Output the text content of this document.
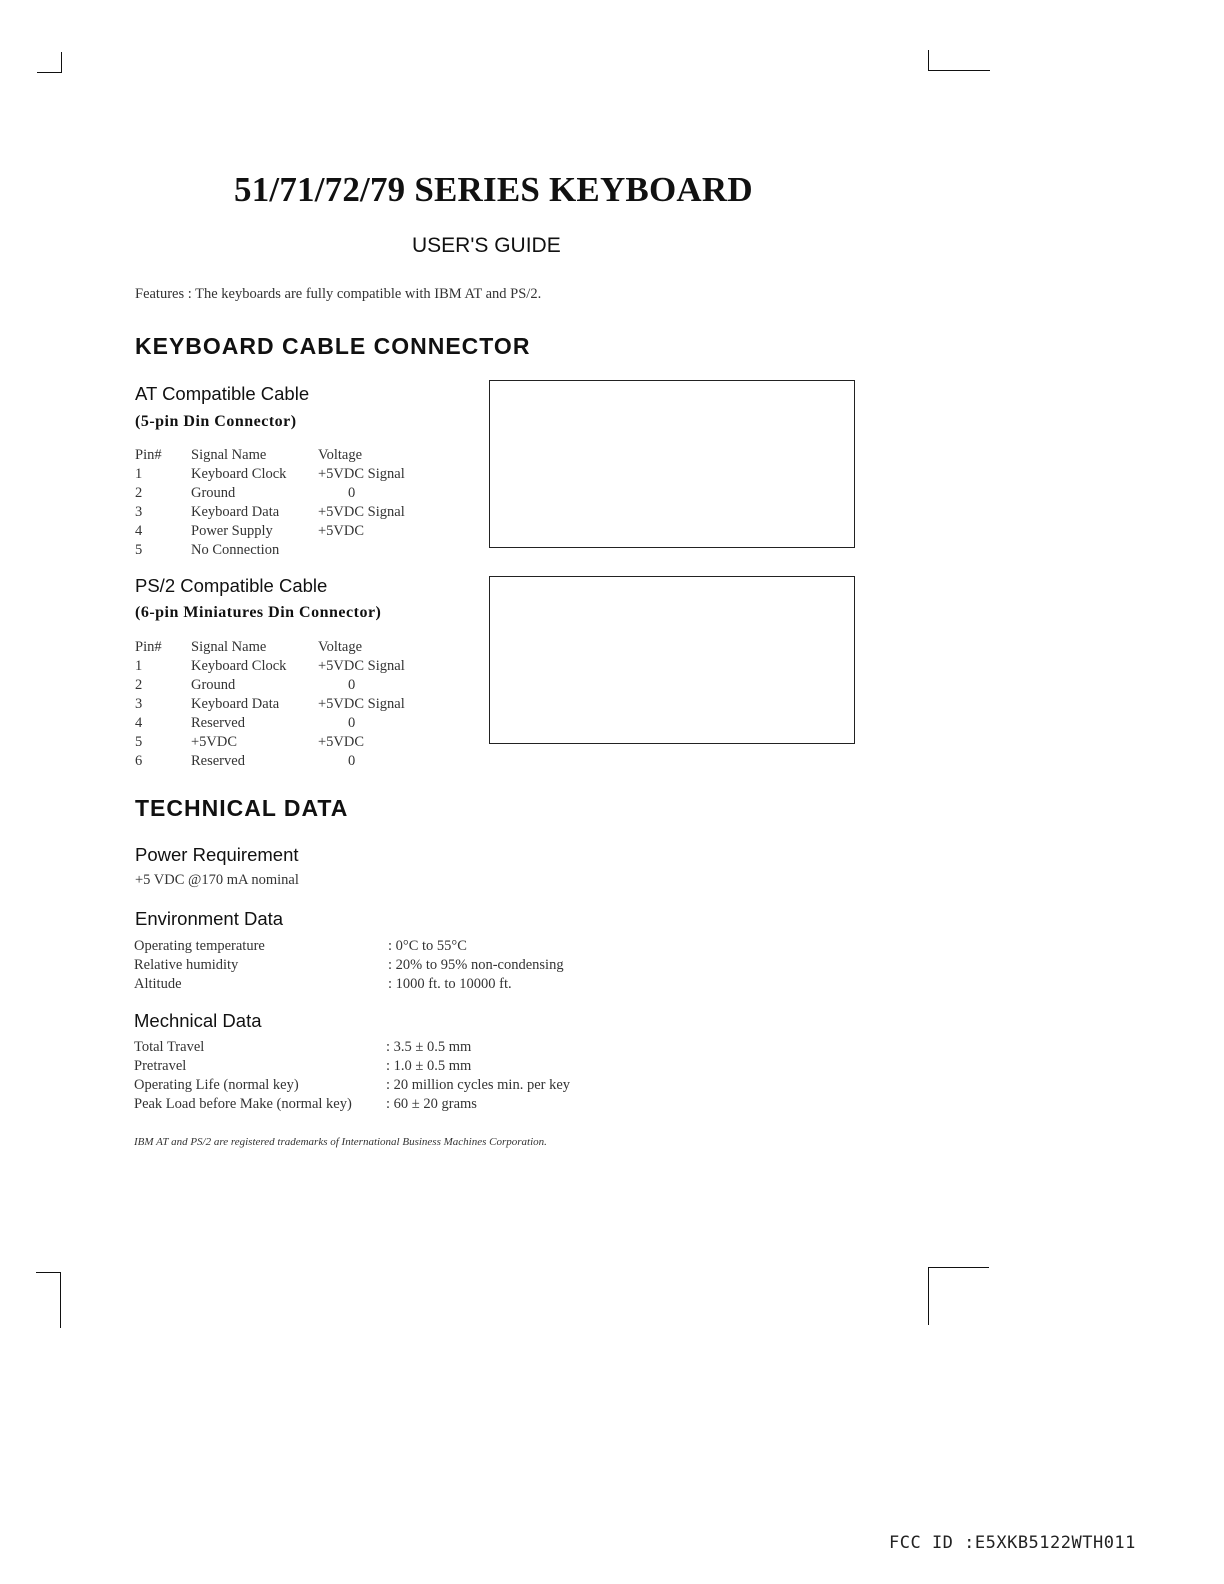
51/71/72/79 SERIES KEYBOARD
USER'S GUIDE

Features : The keyboards are fully compatible with IBM AT and PS/2.

KEYBOARD CABLE CONNECTOR
AT Compatible Cable
(5-pin Din Connector)
Pin#	Signal Name	Voltage
1	Keyboard Clock	+5VDC Signal
2	Ground	0
3	Keyboard Data	+5VDC Signal
4	Power Supply	+5VDC
5	No Connection	
PS/2 Compatible Cable
(6-pin Miniatures Din Connector)
Pin#	Signal Name	Voltage
1	Keyboard Clock	+5VDC Signal
2	Ground	0
3	Keyboard Data	+5VDC Signal
4	Reserved	0
5	+5VDC	+5VDC
6	Reserved	0
TECHNICAL DATA
Power Requirement
+5 VDC @170 mA nominal
Environment Data
Operating temperature	: 0°C to 55°C
Relative humidity	: 20% to 95% non-condensing
Altitude	: 1000 ft. to 10000 ft.
Mechnical Data
Total Travel	: 3.5 ± 0.5 mm
Pretravel	: 1.0 ± 0.5 mm
Operating Life (normal key)	: 20 million cycles min. per key
Peak Load before Make (normal key)	: 60 ± 20 grams

IBM AT and PS/2 are registered trademarks of International Business Machines Corporation.

FCC ID :E5XKB5122WTH011
